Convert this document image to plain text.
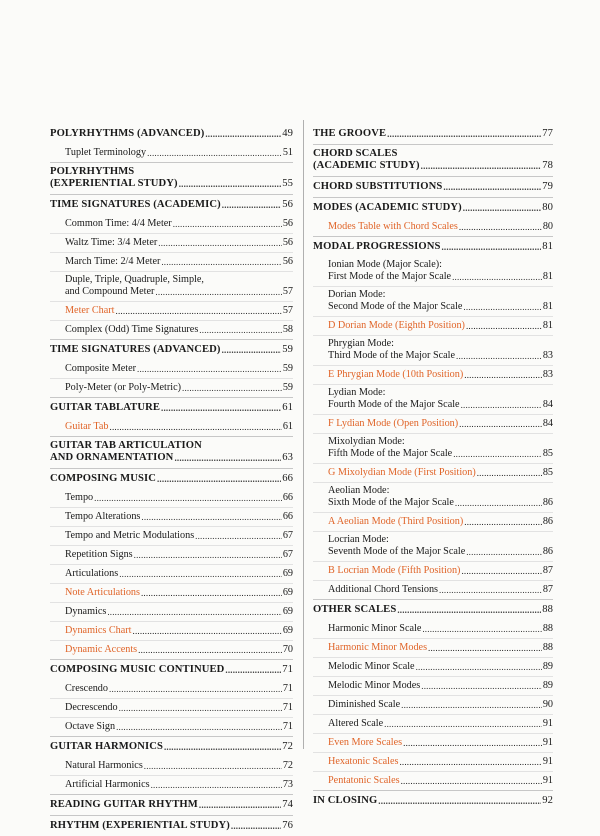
POLYRHYTHMS (ADVANCED) .....	49
Tuplet Terminology .....	51
POLYRHYTHMS
(EXPERIENTIAL STUDY) .....	55
TIME SIGNATURES (ACADEMIC) .....	56
Common Time: 4/4 Meter .....	56
Waltz Time: 3/4 Meter .....	56
March Time: 2/4 Meter .....	56
Duple, Triple, Quadruple, Simple,
and Compound Meter .....	57
Meter Chart .....	57
Complex (Odd) Time Signatures .....	58
TIME SIGNATURES (ADVANCED) .....	59
Composite Meter .....	59
Poly-Meter (or Poly-Metric) .....	59
GUITAR TABLATURE .....	61
Guitar Tab .....	61
GUITAR TAB ARTICULATION
AND ORNAMENTATION .....	63
COMPOSING MUSIC .....	66
Tempo .....	66
Tempo Alterations .....	66
Tempo and Metric Modulations .....	67
Repetition Signs .....	67
Articulations .....	69
Note Articulations .....	69
Dynamics .....	69
Dynamics Chart .....	69
Dynamic Accents .....	70
COMPOSING MUSIC CONTINUED .....	71
Crescendo .....	71
Decrescendo .....	71
Octave Sign .....	71
GUITAR HARMONICS .....	72
Natural Harmonics .....	72
Artificial Harmonics .....	73
READING GUITAR RHYTHM .....	74
RHYTHM (EXPERIENTIAL STUDY) .....	76
THE GROOVE .....	77
CHORD SCALES
(ACADEMIC STUDY) .....	78
CHORD SUBSTITUTIONS .....	79
MODES (ACADEMIC STUDY) .....	80
Modes Table with Chord Scales .....	80
MODAL PROGRESSIONS .....	81
Ionian Mode (Major Scale):
First Mode of the Major Scale .....	81
Dorian Mode:
Second Mode of the Major Scale .....	81
D Dorian Mode (Eighth Position) .....	81
Phrygian Mode:
Third Mode of the Major Scale .....	83
E Phrygian Mode (10th Position) .....	83
Lydian Mode:
Fourth Mode of the Major Scale .....	84
F Lydian Mode (Open Position) .....	84
Mixolydian Mode:
Fifth Mode of the Major Scale .....	85
G Mixolydian Mode (First Position) .....	85
Aeolian Mode:
Sixth Mode of the Major Scale .....	86
A Aeolian Mode (Third Position) .....	86
Locrian Mode:
Seventh Mode of the Major Scale .....	86
B Locrian Mode (Fifth Position) .....	87
Additional Chord Tensions .....	87
OTHER SCALES .....	88
Harmonic Minor Scale .....	88
Harmonic Minor Modes .....	88
Melodic Minor Scale .....	89
Melodic Minor Modes .....	89
Diminished Scale .....	90
Altered Scale .....	91
Even More Scales .....	91
Hexatonic Scales .....	91
Pentatonic Scales .....	91
IN CLOSING .....	92
